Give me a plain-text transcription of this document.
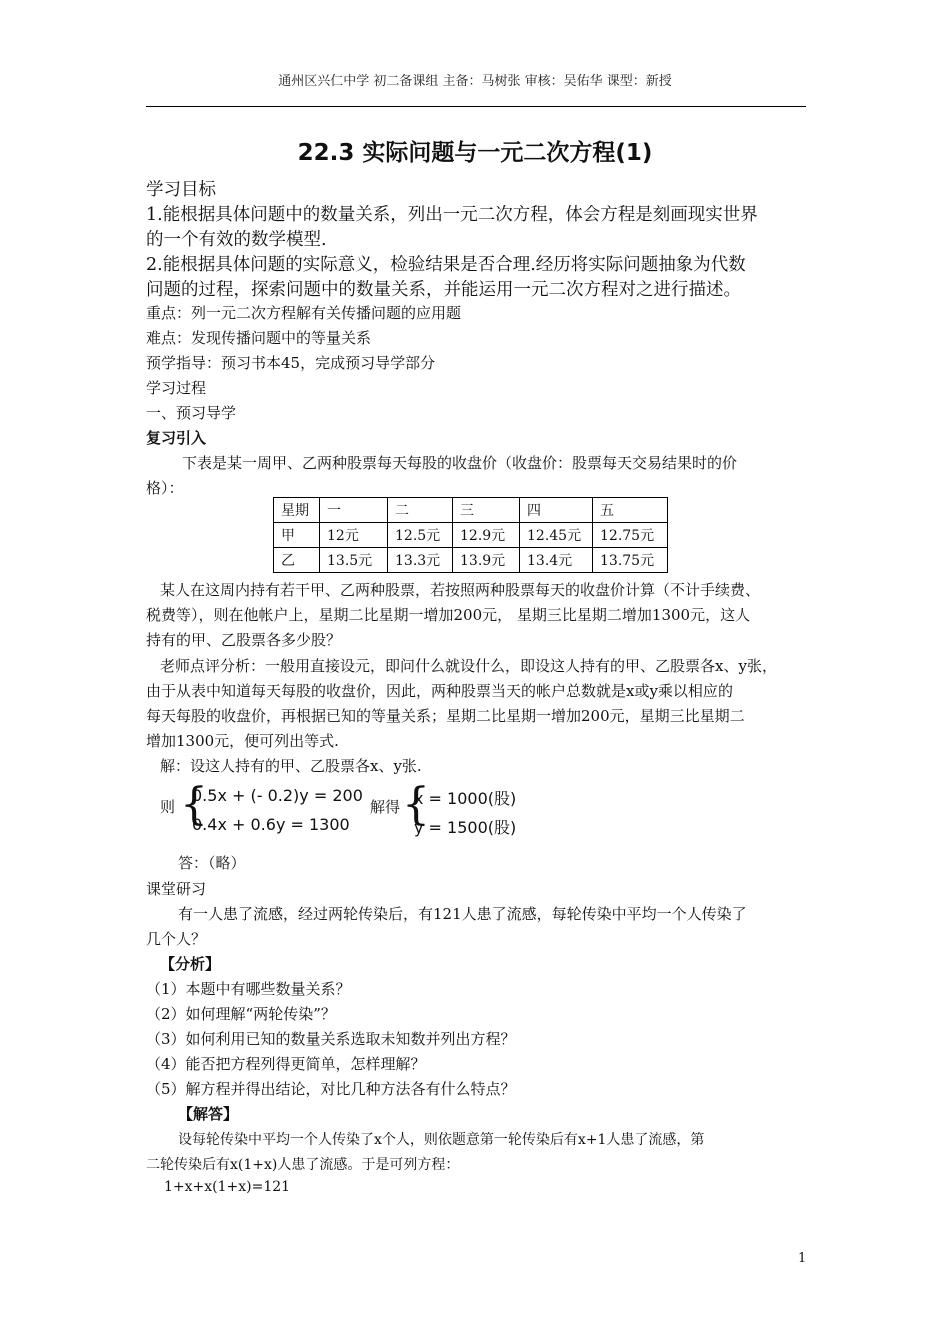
通州区兴仁中学 初二备课组 主备：马树张 审核：吴佑华 课型：新授
22.3 实际问题与一元二次方程(1)
学习目标
1.能根据具体问题中的数量关系，列出一元二次方程，体会方程是刻画现实世界
的一个有效的数学模型.
2.能根据具体问题的实际意义，检验结果是否合理.经历将实际问题抽象为代数
问题的过程，探索问题中的数量关系，并能运用一元二次方程对之进行描述。
重点：列一元二次方程解有关传播问题的应用题
难点：发现传播问题中的等量关系
预学指导：预习书本45，完成预习导学部分
学习过程
一、预习导学
复习引入
下表是某一周甲、乙两种股票每天每股的收盘价（收盘价：股票每天交易结果时的价
格）：
星期	一	二	三	四	五
甲	12元	12.5元	12.9元	12.45元	12.75元
乙	13.5元	13.3元	13.9元	13.4元	13.75元
某人在这周内持有若干甲、乙两种股票，若按照两种股票每天的收盘价计算（不计手续费、
税费等），则在他帐户上，星期二比星期一增加200元， 星期三比星期二增加1300元，这人
持有的甲、乙股票各多少股？
老师点评分析：一般用直接设元，即问什么就设什么，即设这人持有的甲、乙股票各x、y张，
由于从表中知道每天每股的收盘价，因此，两种股票当天的帐户总数就是x或y乘以相应的
每天每股的收盘价，再根据已知的等量关系；星期二比星期一增加200元，星期三比星期二
增加1300元，便可列出等式.
解：设这人持有的甲、乙股票各x、y张.
则 {
0.5x + (- 0.2)y = 200
0.4x + 0.6y = 1300
解得 {
x = 1000(股)
y = 1500(股)
答：（略）
课堂研习
有一人患了流感，经过两轮传染后，有121人患了流感，每轮传染中平均一个人传染了
几个人？
【分析】
（1）本题中有哪些数量关系？
（2）如何理解“两轮传染”？
（3）如何利用已知的数量关系选取未知数并列出方程？
（4）能否把方程列得更简单，怎样理解？
（5）解方程并得出结论，对比几种方法各有什么特点？
【解答】
设每轮传染中平均一个人传染了x个人，则依题意第一轮传染后有x+1人患了流感，第
二轮传染后有x(1+x)人患了流感。于是可列方程：
1+x+x(1+x)=121
1
